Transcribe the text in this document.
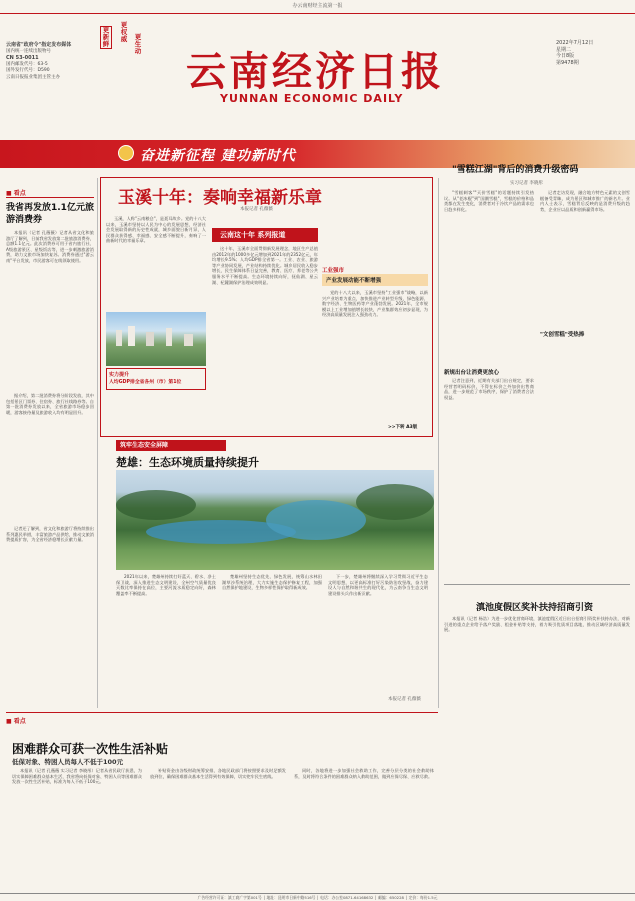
办云南财经主流第一报
云南省"政府令"指定发布媒体
国内统一连续出版物号
CN 53-0011
国内邮发代号：63-5
国外发行代号：D590
云南日报报业集团主管主办
更
新
鲜
更
权
威	更
生
动 云南经济日报
YUNNAN ECONOMIC DAILY
2022年7月12日
星期二
今日8版
第9478期
奋进新征程 建功新时代
■ 看点
我省再发放1.1亿元旅游消费券
本报讯（记者 孔薇薇）记者从省文化和旅游厅了解到，日前我省发放第二批旅游消费券，总额1.1亿元。此次消费券可用于省内旅行社、A级旅游景区、星级饭店等，进一步刺激旅游消费，助力文旅市场加快复苏。消费券通过"游云南"平台发放，市民游客可在线领取使用。
据介绍，第二批消费券将分阶段发放，其中包括景区门票券、住宿券、旅行社线路券等。自第一批消费券发放以来，全省旅游市场稳步回暖，游客接待量及旅游收入均有明显回升。
记者还了解到，省文化和旅游厅将持续推出系列惠民举措，丰富旅游产品供给，推动文旅消费提质扩容，为全省经济稳增长贡献力量。
玉溪十年：奏响幸福新乐章
本报记者 孔薇薇
玉溪，人称"云南粮仓"，是聂耳故乡。党的十八大以来，玉溪市坚持以人民为中心的发展思想，经济社会发展取得新的历史性成就，城乡面貌日新月异，人民群众获得感、幸福感、安全感不断提升，奏响了一曲新时代的幸福乐章。
实力提升
人均GDP排全省各州（市）第1位
云南这十年 系列报道
这十年，玉溪市全面贯彻新发展理念，地区生产总值由2012年的1000多亿元增加到2021年的2352亿元，年均增长9.5%；人均GDP排全省第一。工业、农业、旅游等产业协同发展，产业结构持续优化。城乡居民收入稳步增长，民生保障体系日益完善，教育、医疗、养老等公共服务水平不断提高。生态环境持续向好，抚仙湖、星云湖、杞麓湖保护治理成效明显。
工业强市
产业发展动能不断增强
党的十八大以来，玉溪市坚持"工业强市"战略，以新兴产业培育为重点，加快推进产业转型升级，绿色能源、数字经济、生物医药等产业蓬勃发展。2021年，全市规模以上工业增加值增长较快，产业集群效应初步显现，为经济高质量发展注入强劲动力。
>>下转 A3版
筑牢生态安全屏障
楚雄：生态环境质量持续提升
2021年以来，楚雄州持续打好蓝天、碧水、净土保卫战，深入推进生态文明建设，全州空气质量优良天数比率保持在高位，主要河流水质稳定向好，森林覆盖率不断提高。
楚雄州坚持生态优先、绿色发展，统筹山水林田湖草沙系统治理，大力实施生态保护修复工程，加强自然保护地建设，生物多样性保护取得新成效。
下一步，楚雄州将继续深入学习贯彻习近平生态文明思想，以更高标准打好污染防治攻坚战，奋力建设人与自然和谐共生的现代化，为云南争当生态文明建设排头兵作出新贡献。
本报记者 孔薇薇
"雪糕江湖"背后的消费升级密码
实习记者 李晓彤
"雪糕刺客""天价雪糕"的话题持续引发热议。从"老冰棍"到"国潮雪糕"，雪糕的价格和品类都在发生变化，消费者对于冷饮产品的需求也日趋多样化。
新规出台让消费更放心
记者注意到，近期有关部门出台规定，要求经营者明码标价，不得在标价之外加价出售商品，进一步规范了市场秩序，保护了消费者合法权益。
"文创雪糕"受热捧
记者走访发现，融合地方特色元素的文创雪糕备受青睐，成为景区和城市推广的新名片。业内人士表示，雪糕背后反映的是消费升级的趋势，企业应以品质和创新赢得市场。
滇池度假区奖补扶持招商引资
本报讯（记者 杨浩）为进一步优化营商环境，滇池度假区近日出台招商引资奖补扶持办法，对新引进的重点企业给予落户奖励、租金补贴等支持，着力吸引优质项目落地，推动区域经济高质量发展。
■ 看点
困难群众可获一次性生活补贴
低保对象、特困人员每人不低于100元
本报讯（记者 孔薇薇 实习记者 李晓彤）记者从省民政厅获悉，为切实保障困难群众基本生活，我省将向低保对象、特困人员等困难群众发放一次性生活补贴，标准为每人不低于100元。
补贴资金由各级财政统筹安排，各地民政部门将按照要求及时足额发放到位，确保困难群众基本生活得到有效保障，切实兜牢民生底线。
同时，各地将进一步加强社会救助工作，完善分层分类的社会救助体系，及时将符合条件的困难群众纳入救助范围，做到应保尽保、应救尽救。
广告经营许可证：滇工商广字第001号 │ 地址：昆明市日新中路516号 │ 电话：办公室0871-64168632 │ 邮编：650228 │ 定价：每份1.5元
